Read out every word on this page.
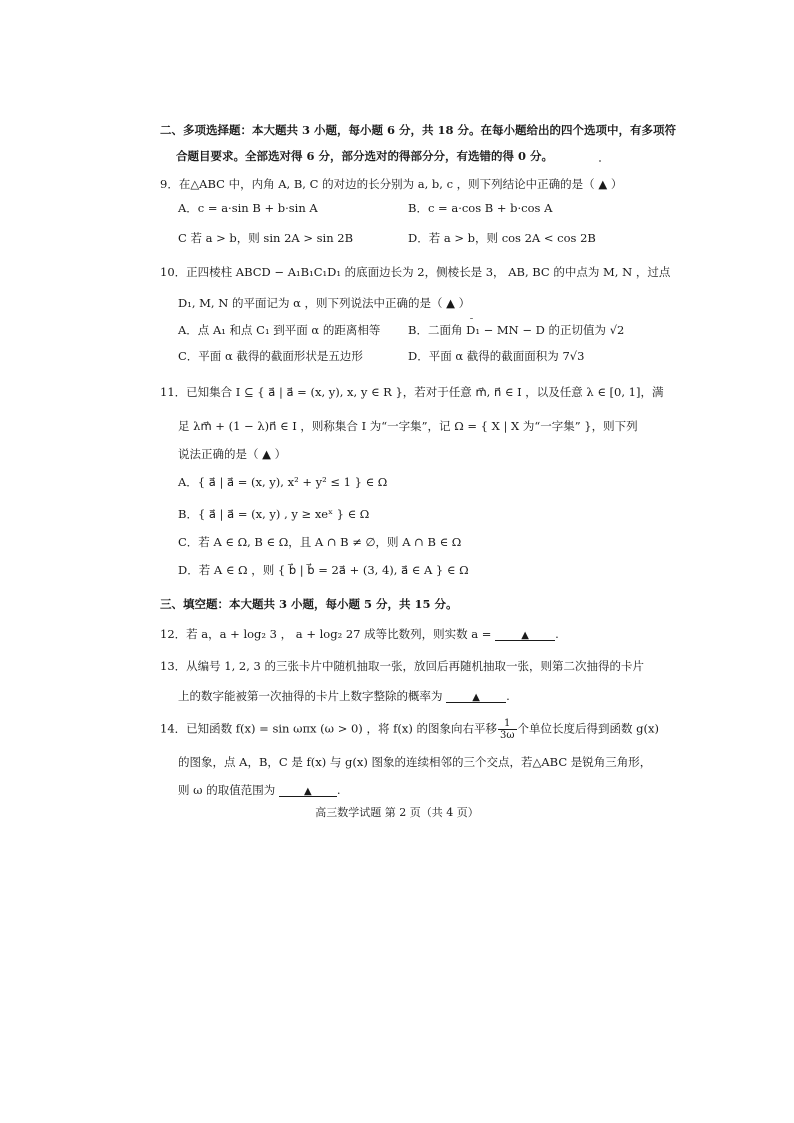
二、多项选择题：本大题共 3 小题，每小题 6 分，共 18 分。在每小题给出的四个选项中，有多项符
合题目要求。全部选对得 6 分，部分选对的得部分分，有选错的得 0 分。
9．在△ABC 中，内角 A, B, C 的对边的长分别为 a, b, c ，则下列结论中正确的是（ ▲ ）
A．c = a·sin B + b·sin A	B．c = a·cos B + b·cos A
C 若 a > b，则 sin 2A > sin 2B	D．若 a > b，则 cos 2A < cos 2B
10．正四棱柱 ABCD − A₁B₁C₁D₁ 的底面边长为 2，侧棱长是 3， AB, BC 的中点为 M, N ，过点
D₁, M, N 的平面记为 α ，则下列说法中正确的是（ ▲ ）
A．点 A₁ 和点 C₁ 到平面 α 的距离相等 B．二面角 D₁ − MN − D 的正切值为 √2
C．平面 α 截得的截面形状是五边形	D．平面 α 截得的截面面积为 7√3
11．已知集合 I ⊆ { a⃗ | a⃗ = (x, y), x, y ∈ R }，若对于任意 m⃗, n⃗ ∈ I ，以及任意 λ ∈ [0, 1]，满
足 λm⃗ + (1 − λ)n⃗ ∈ I ，则称集合 I 为“一字集”，记 Ω = { X | X 为“一字集” }，则下列
说法正确的是（ ▲ ）
A．{ a⃗ | a⃗ = (x, y), x² + y² ≤ 1 } ∈ Ω
B．{ a⃗ | a⃗ = (x, y) , y ≥ xeˣ } ∈ Ω
C．若 A ∈ Ω, B ∈ Ω，且 A ∩ B ≠ ∅，则 A ∩ B ∈ Ω
D．若 A ∈ Ω ，则 { b⃗ | b⃗ = 2a⃗ + (3, 4), a⃗ ∈ A } ∈ Ω
三、填空题：本大题共 3 小题，每小题 5 分，共 15 分。
12．若 a，a + log₂ 3 ， a + log₂ 27 成等比数列，则实数 a =	▲ .
13．从编号 1, 2, 3 的三张卡片中随机抽取一张，放回后再随机抽取一张，则第二次抽得的卡片
上的数字能被第一次抽得的卡片上数字整除的概率为	▲ .
14．已知函数 f(x) = sin ωπx (ω > 0) ，将 f(x) 的图象向右平移 $\frac{1}{3\omega}$ 个单位长度后得到函数 g(x)
的图象，点 A，B，C 是 f(x) 与 g(x) 图象的连续相邻的三个交点，若△ABC 是锐角三角形，
则 ω 的取值范围为	▲ .
高三数学试题 第 2 页（共 4 页）
